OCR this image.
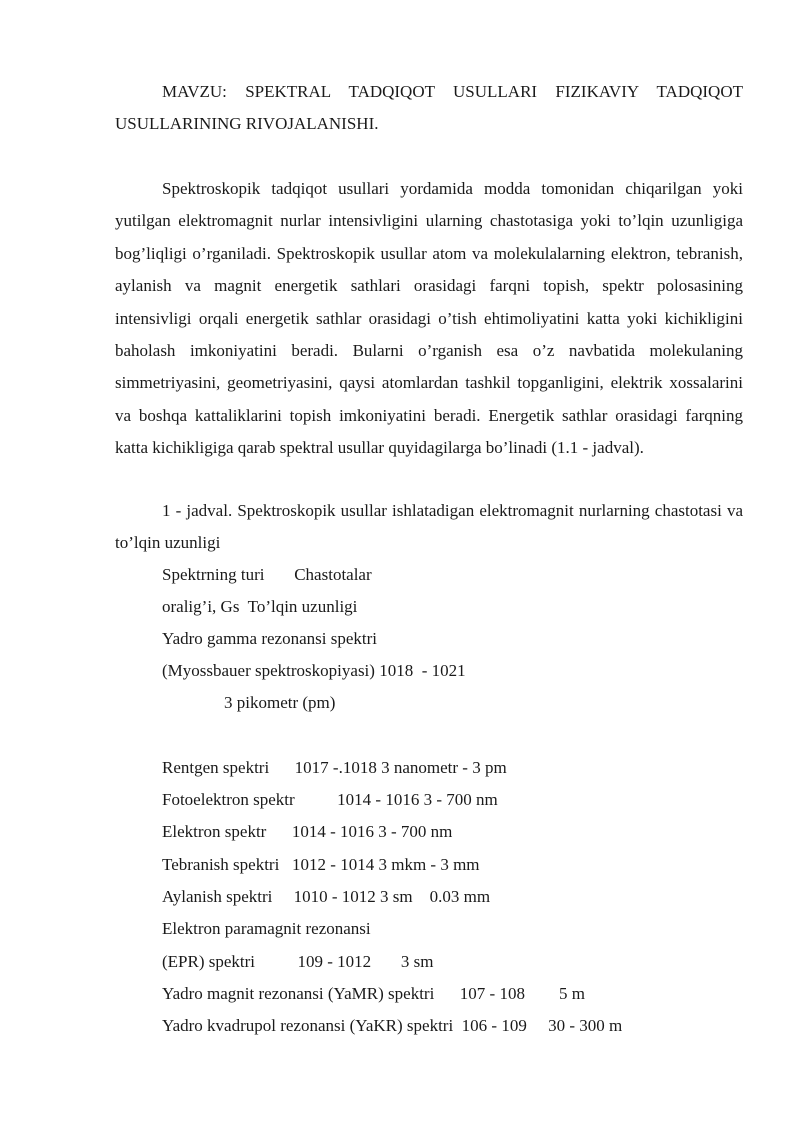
MAVZU: SPEKTRAL TADQIQOT USULLARI FIZIKAVIY TADQIQOT USULLARINING RIVOJALANISHI.

Spektroskopik tadqiqot usullari yordamida modda tomonidan chiqarilgan yoki yutilgan elektromagnit nurlar intensivligini ularning chastotasiga yoki to’lqin uzunligiga bog’liqligi o’rganiladi. Spektroskopik usullar atom va molekulalarning elektron, tebranish, aylanish va magnit energetik sathlari orasidagi farqni topish, spektr polosasining intensivligi orqali energetik sathlar orasidagi o’tish ehtimoliyatini katta yoki kichikligini baholash imkoniyatini beradi. Bularni o’rganish esa o’z navbatida molekulaning simmetriyasini, geometriyasini, qaysi atomlardan tashkil topganligini, elektrik xossalarini va boshqa kattaliklarini topish imkoniyatini beradi. Energetik sathlar orasidagi farqning katta kichikligiga qarab spektral usullar quyidagilarga bo’linadi (1.1 - jadval).

1 - jadval. Spektroskopik usullar ishlatadigan elektromagnit nurlarning chastotasi va to’lqin uzunligi

Spektrning turi       Chastotalar

oralig’i, Gs  To’lqin uzunligi

Yadro gamma rezonansi spektri

(Myossbauer spektroskopiyasi) 1018  - 1021

3 pikometr (pm)

Rentgen spektri      1017 -.1018 3 nanometr - 3 pm

Fotoelektron spektr          1014 - 1016 3 - 700 nm

Elektron spektr      1014 - 1016 3 - 700 nm

Tebranish spektri   1012 - 1014 3 mkm - 3 mm

Aylanish spektri     1010 - 1012 3 sm    0.03 mm

Elektron paramagnit rezonansi

(EPR) spektri          109 - 1012       3 sm

Yadro magnit rezonansi (YaMR) spektri      107 - 108        5 m

Yadro kvadrupol rezonansi (YaKR) spektri  106 - 109     30 - 300 m
